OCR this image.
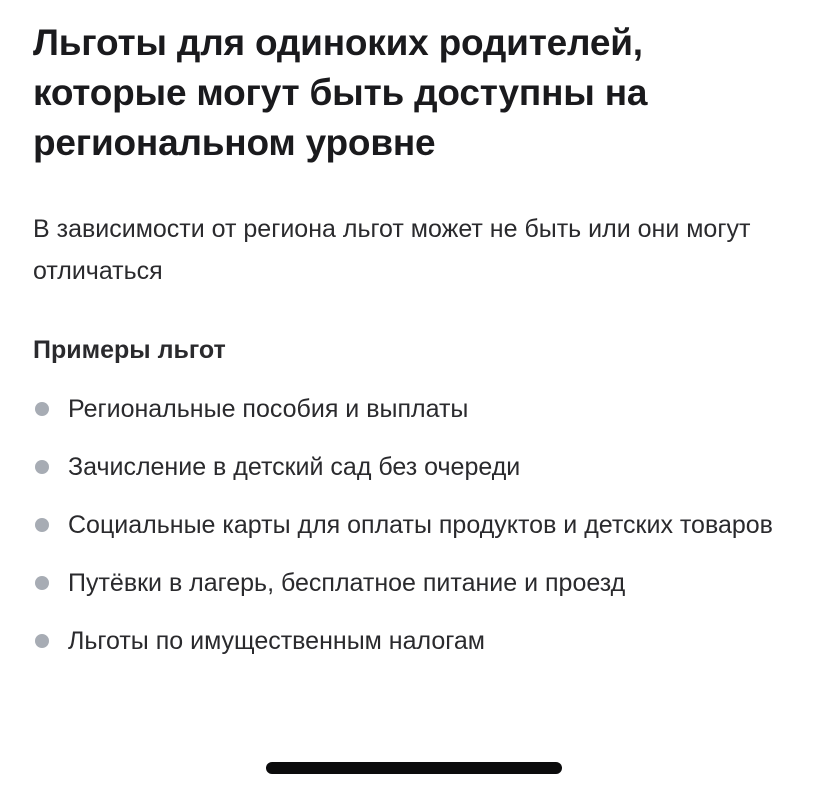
Льготы для одиноких родителей, которые могут быть доступны на региональном уровне

В зависимости от региона льгот может не быть или они могут отличаться

Примеры льгот
Региональные пособия и выплаты
Зачисление в детский сад без очереди
Социальные карты для оплаты продуктов и детских товаров
Путёвки в лагерь, бесплатное питание и проезд
Льготы по имущественным налогам
